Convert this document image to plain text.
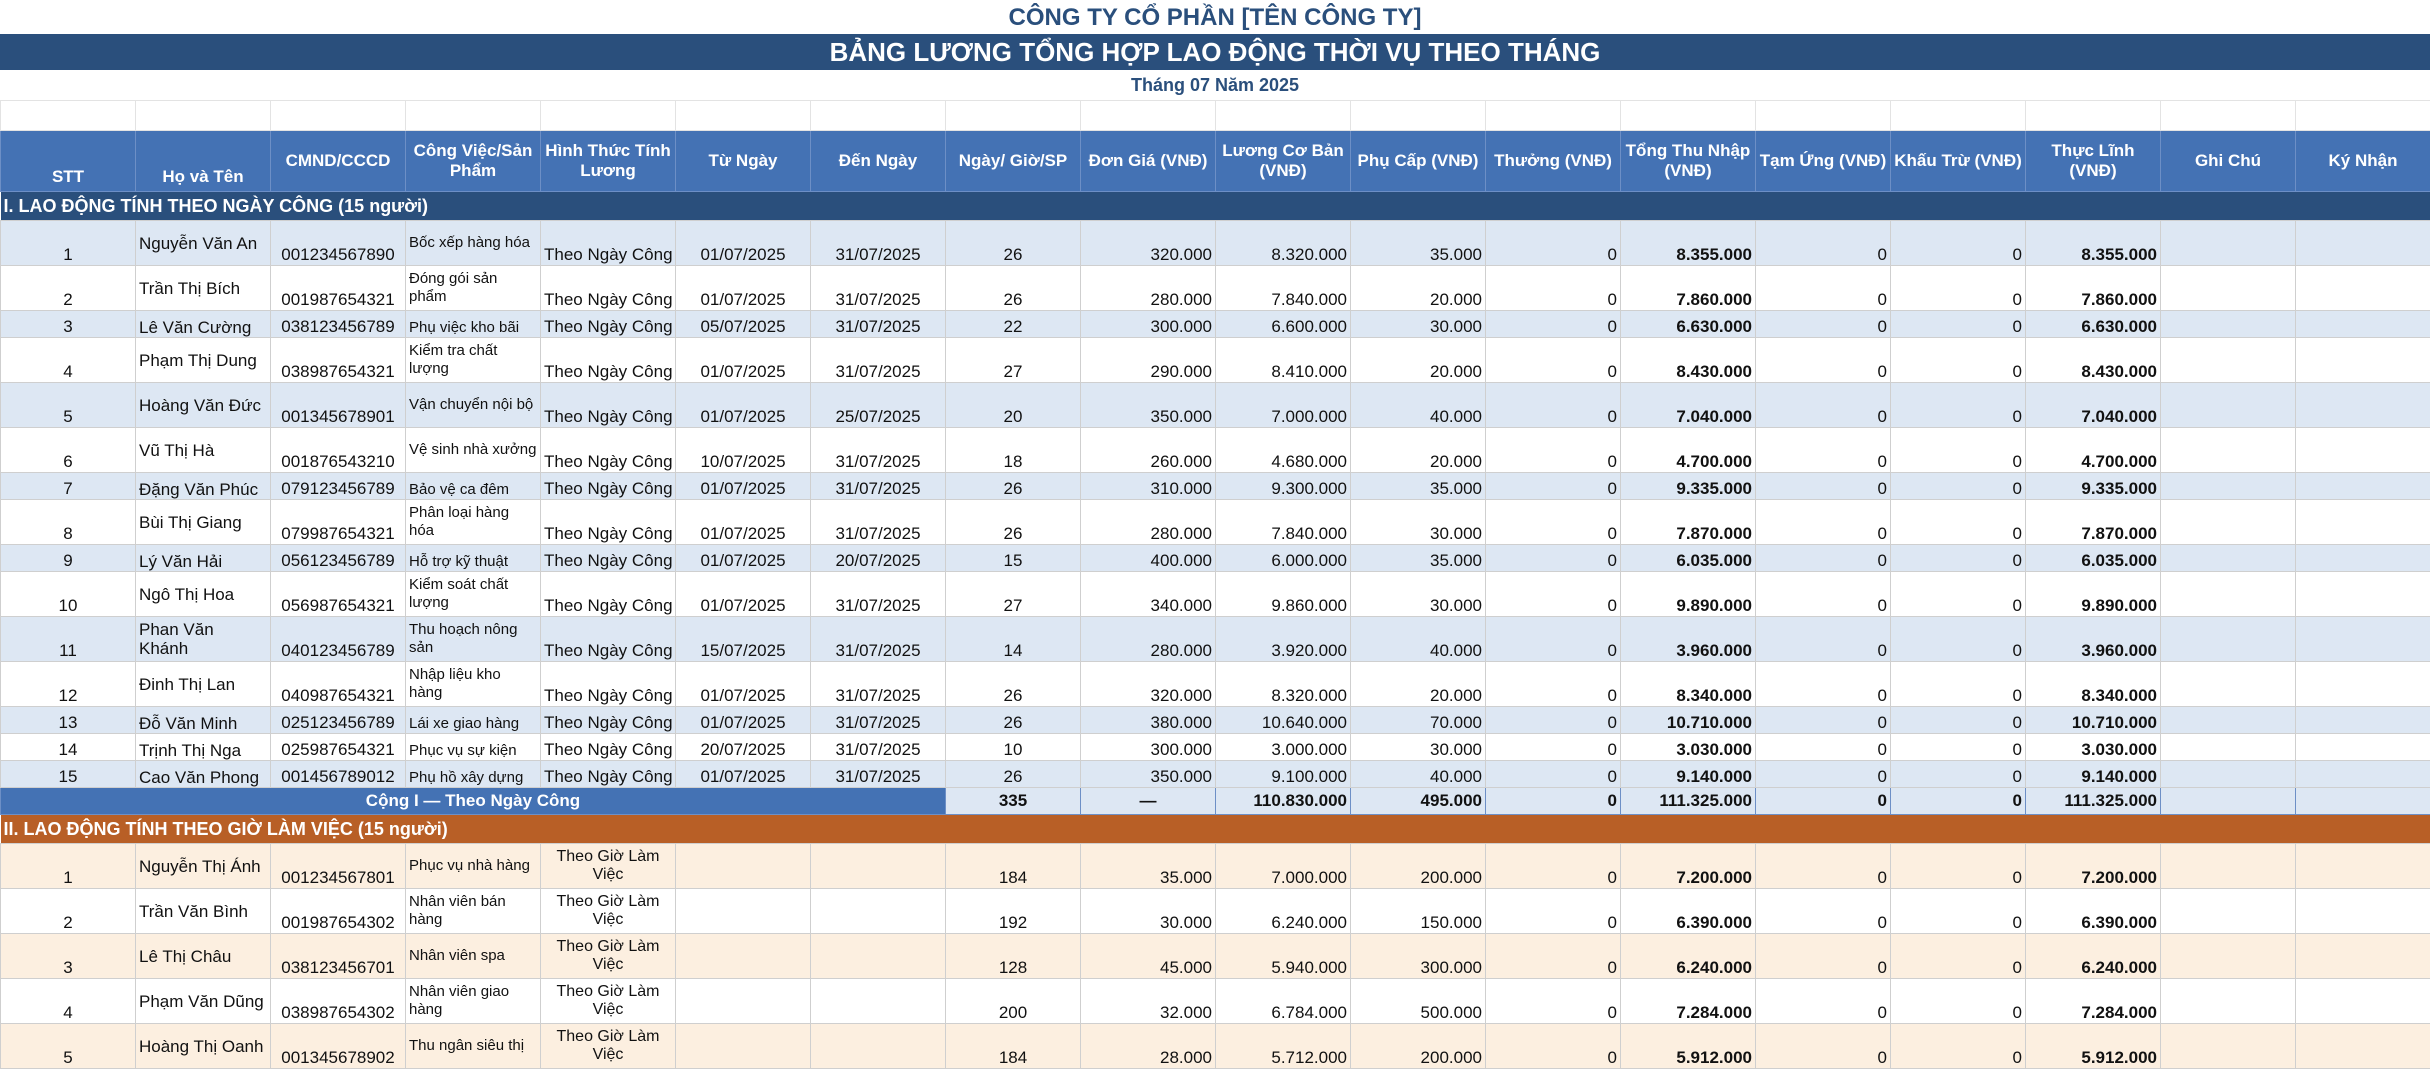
CÔNG TY CỔ PHẦN [TÊN CÔNG TY]
BẢNG LƯƠNG TỔNG HỢP LAO ĐỘNG THỜI VỤ THEO THÁNG
Tháng 07 Năm 2025

STT	Họ và Tên	CMND/CCCD	Công Việc/Sản Phẩm	Hình Thức Tính Lương	Từ Ngày	Đến Ngày	Ngày/ Giờ/SP	Đơn Giá (VNĐ)	Lương Cơ Bản (VNĐ)	Phụ Cấp (VNĐ)	Thưởng (VNĐ)	Tổng Thu Nhập (VNĐ)	Tạm Ứng (VNĐ)	Khấu Trừ (VNĐ)	Thực Lĩnh (VNĐ)	Ghi Chú	Ký Nhận
I. LAO ĐỘNG TÍNH THEO NGÀY CÔNG (15 người)																	
1	Nguyễn Văn An	001234567890	Bốc xếp hàng hóa	Theo Ngày Công	01/07/2025	31/07/2025	26	320.000	8.320.000	35.000	0	8.355.000	0	0	8.355.000		
2	Trần Thị Bích	001987654321	Đóng gói sản phẩm	Theo Ngày Công	01/07/2025	31/07/2025	26	280.000	7.840.000	20.000	0	7.860.000	0	0	7.860.000		
3	Lê Văn Cường	038123456789	Phụ việc kho bãi	Theo Ngày Công	05/07/2025	31/07/2025	22	300.000	6.600.000	30.000	0	6.630.000	0	0	6.630.000		
4	Phạm Thị Dung	038987654321	Kiểm tra chất lượng	Theo Ngày Công	01/07/2025	31/07/2025	27	290.000	8.410.000	20.000	0	8.430.000	0	0	8.430.000		
5	Hoàng Văn Đức	001345678901	Vận chuyển nội bộ	Theo Ngày Công	01/07/2025	25/07/2025	20	350.000	7.000.000	40.000	0	7.040.000	0	0	7.040.000		
6	Vũ Thị Hà	001876543210	Vệ sinh nhà xưởng	Theo Ngày Công	10/07/2025	31/07/2025	18	260.000	4.680.000	20.000	0	4.700.000	0	0	4.700.000		
7	Đặng Văn Phúc	079123456789	Bảo vệ ca đêm	Theo Ngày Công	01/07/2025	31/07/2025	26	310.000	9.300.000	35.000	0	9.335.000	0	0	9.335.000		
8	Bùi Thị Giang	079987654321	Phân loại hàng hóa	Theo Ngày Công	01/07/2025	31/07/2025	26	280.000	7.840.000	30.000	0	7.870.000	0	0	7.870.000		
9	Lý Văn Hải	056123456789	Hỗ trợ kỹ thuật	Theo Ngày Công	01/07/2025	20/07/2025	15	400.000	6.000.000	35.000	0	6.035.000	0	0	6.035.000		
10	Ngô Thị Hoa	056987654321	Kiểm soát chất lượng	Theo Ngày Công	01/07/2025	31/07/2025	27	340.000	9.860.000	30.000	0	9.890.000	0	0	9.890.000		
11	Phan Văn Khánh	040123456789	Thu hoạch nông sản	Theo Ngày Công	15/07/2025	31/07/2025	14	280.000	3.920.000	40.000	0	3.960.000	0	0	3.960.000		
12	Đinh Thị Lan	040987654321	Nhập liệu kho hàng	Theo Ngày Công	01/07/2025	31/07/2025	26	320.000	8.320.000	20.000	0	8.340.000	0	0	8.340.000		
13	Đỗ Văn Minh	025123456789	Lái xe giao hàng	Theo Ngày Công	01/07/2025	31/07/2025	26	380.000	10.640.000	70.000	0	10.710.000	0	0	10.710.000		
14	Trịnh Thị Nga	025987654321	Phục vụ sự kiện	Theo Ngày Công	20/07/2025	31/07/2025	10	300.000	3.000.000	30.000	0	3.030.000	0	0	3.030.000		
15	Cao Văn Phong	001456789012	Phụ hồ xây dựng	Theo Ngày Công	01/07/2025	31/07/2025	26	350.000	9.100.000	40.000	0	9.140.000	0	0	9.140.000		
Cộng I — Theo Ngày Công							335	—	110.830.000	495.000	0	111.325.000	0	0	111.325.000		
II. LAO ĐỘNG TÍNH THEO GIỜ LÀM VIỆC (15 người)																	
1	Nguyễn Thị Ánh	001234567801	Phục vụ nhà hàng	Theo Giờ Làm Việc			184	35.000	7.000.000	200.000	0	7.200.000	0	0	7.200.000		
2	Trần Văn Bình	001987654302	Nhân viên bán hàng	Theo Giờ Làm Việc			192	30.000	6.240.000	150.000	0	6.390.000	0	0	6.390.000		
3	Lê Thị Châu	038123456701	Nhân viên spa	Theo Giờ Làm Việc			128	45.000	5.940.000	300.000	0	6.240.000	0	0	6.240.000		
4	Phạm Văn Dũng	038987654302	Nhân viên giao hàng	Theo Giờ Làm Việc			200	32.000	6.784.000	500.000	0	7.284.000	0	0	7.284.000		
5	Hoàng Thị Oanh	001345678902	Thu ngân siêu thị	Theo Giờ Làm Việc			184	28.000	5.712.000	200.000	0	5.912.000	0	0	5.912.000		
